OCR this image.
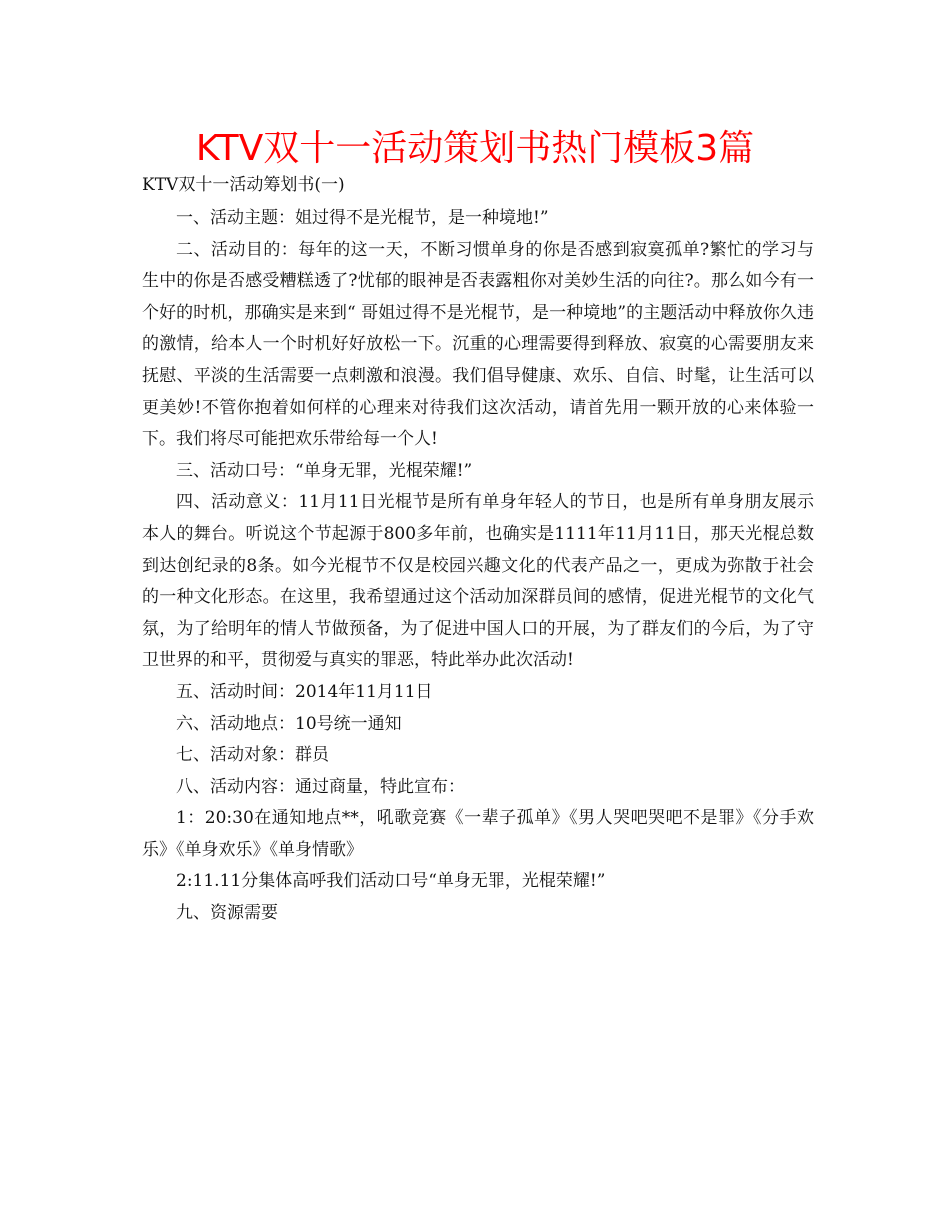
KTV双十一活动策划书热门模板3篇

KTV双十一活动筹划书(一)

一、活动主题：姐过得不是光棍节，是一种境地!”

二、活动目的：每年的这一天，不断习惯单身的你是否感到寂寞孤单?繁忙的学习与生中的你是否感受糟糕透了?忧郁的眼神是否表露粗你对美妙生活的向往?。那么如今有一个好的时机，那确实是来到“ 哥姐过得不是光棍节，是一种境地”的主题活动中释放你久违的激情，给本人一个时机好好放松一下。沉重的心理需要得到释放、寂寞的心需要朋友来抚慰、平淡的生活需要一点刺激和浪漫。我们倡导健康、欢乐、自信、时髦，让生活可以更美妙!不管你抱着如何样的心理来对待我们这次活动，请首先用一颗开放的心来体验一下。我们将尽可能把欢乐带给每一个人!

三、活动口号：“单身无罪，光棍荣耀!”

四、活动意义：11月11日光棍节是所有单身年轻人的节日，也是所有单身朋友展示本人的舞台。听说这个节起源于800多年前，也确实是1111年11月11日，那天光棍总数到达创纪录的8条。如今光棍节不仅是校园兴趣文化的代表产品之一，更成为弥散于社会的一种文化形态。在这里，我希望通过这个活动加深群员间的感情，促进光棍节的文化气氛，为了给明年的情人节做预备，为了促进中国人口的开展，为了群友们的今后，为了守卫世界的和平，贯彻爱与真实的罪恶，特此举办此次活动!

五、活动时间：2014年11月11日

六、活动地点：10号统一通知

七、活动对象：群员

八、活动内容：通过商量，特此宣布：

1：20:30在通知地点**，吼歌竞赛《一辈子孤单》《男人哭吧哭吧不是罪》《分手欢乐》《单身欢乐》《单身情歌》

2:11.11分集体高呼我们活动口号“单身无罪，光棍荣耀!”

九、资源需要
